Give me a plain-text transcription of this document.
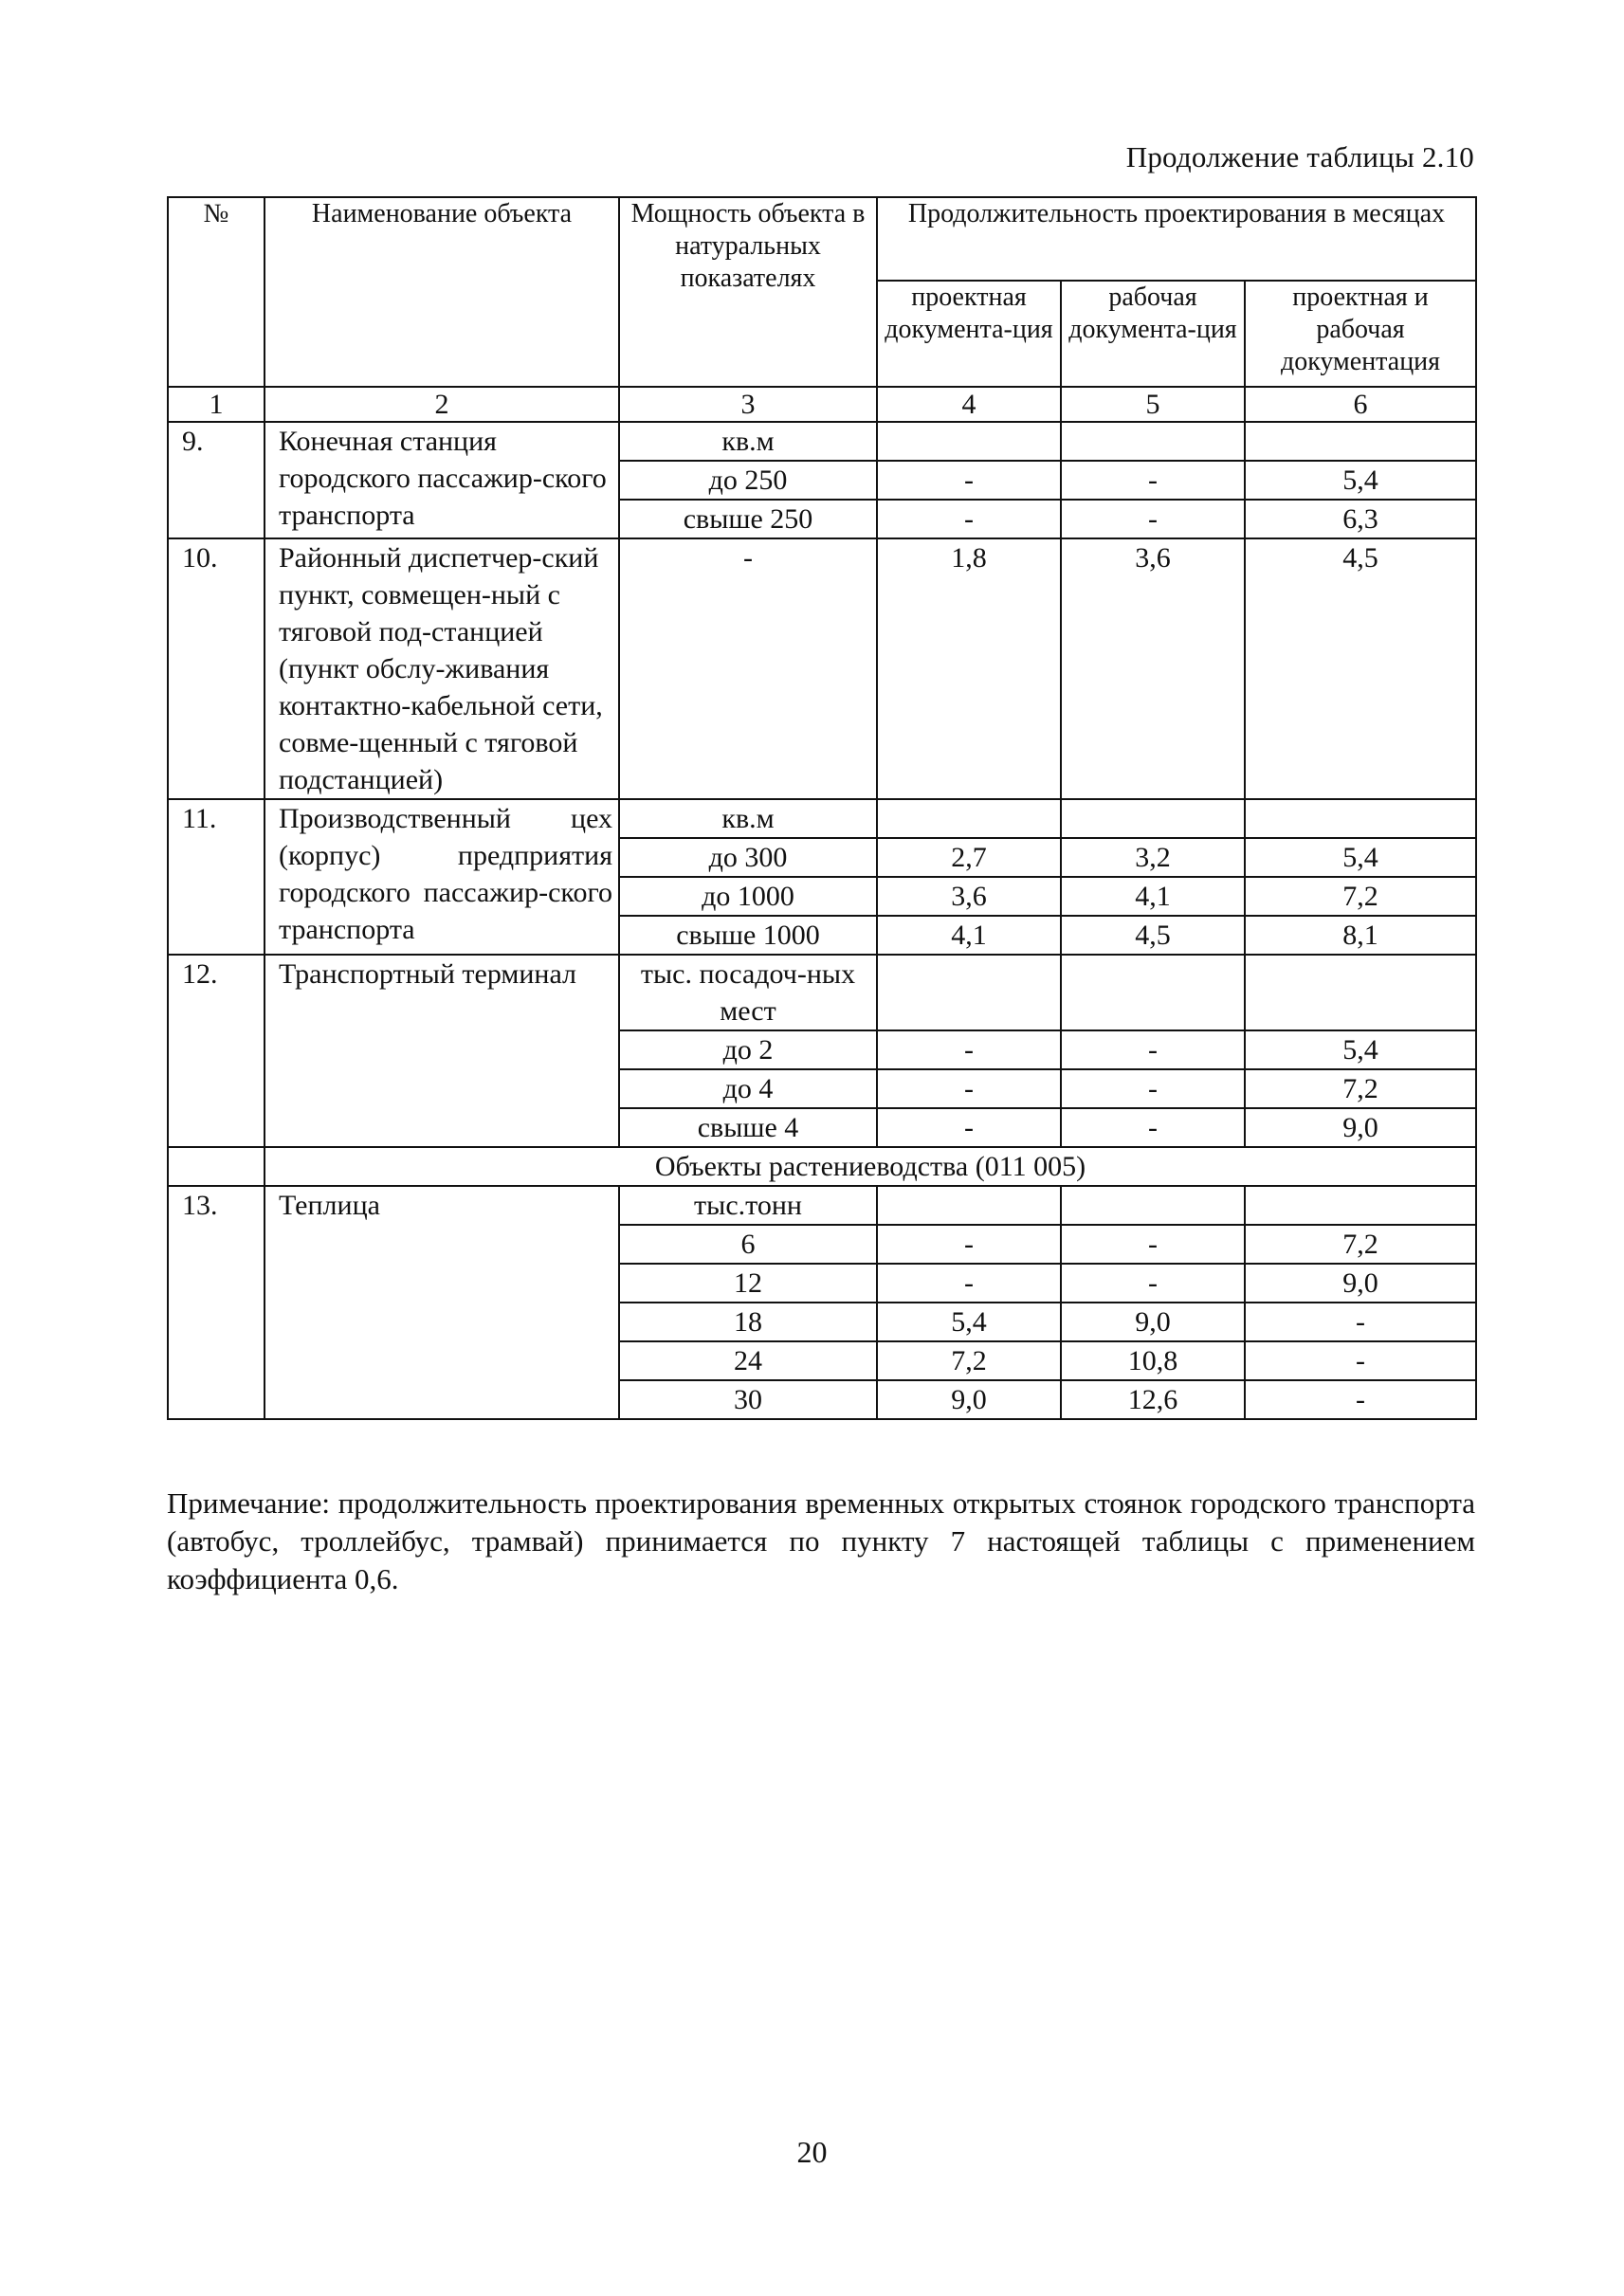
Продолжение таблицы 2.10
№	Наименование объекта	Мощность объекта в натуральных показателях	Продолжительность проектирования в месяцах		
			проектная документа-ция	рабочая документа-ция	проектная и рабочая документация
1	2	3	4	5	6
9.	Конечная станция городского пассажир-ского транспорта	кв.м			
		до 250	-	-	5,4
		свыше 250	-	-	6,3
10.	Районный диспетчер-ский пункт, совмещен-ный с тяговой под-станцией (пункт обслу-живания контактно-кабельной сети, совме-щенный с тяговой подстанцией)	-	1,8	3,6	4,5
11.	Производственный цех (корпус) предприятия городского пассажир-ского транспорта	кв.м			
		до 300	2,7	3,2	5,4
		до 1000	3,6	4,1	7,2
		свыше 1000	4,1	4,5	8,1
12.	Транспортный терминал	тыс. посадоч-ных мест			
		до 2	-	-	5,4
		до 4	-	-	7,2
		свыше 4	-	-	9,0
	Объекты растениеводства (011 005)				
13.	Теплица	тыс.тонн			
		6	-	-	7,2
		12	-	-	9,0
		18	5,4	9,0	-
		24	7,2	10,8	-
		30	9,0	12,6	-
Примечание: продолжительность проектирования временных открытых стоянок городского транспорта (автобус, троллейбус, трамвай) принимается по пункту 7 настоящей таблицы с применением коэффициента 0,6.
20
